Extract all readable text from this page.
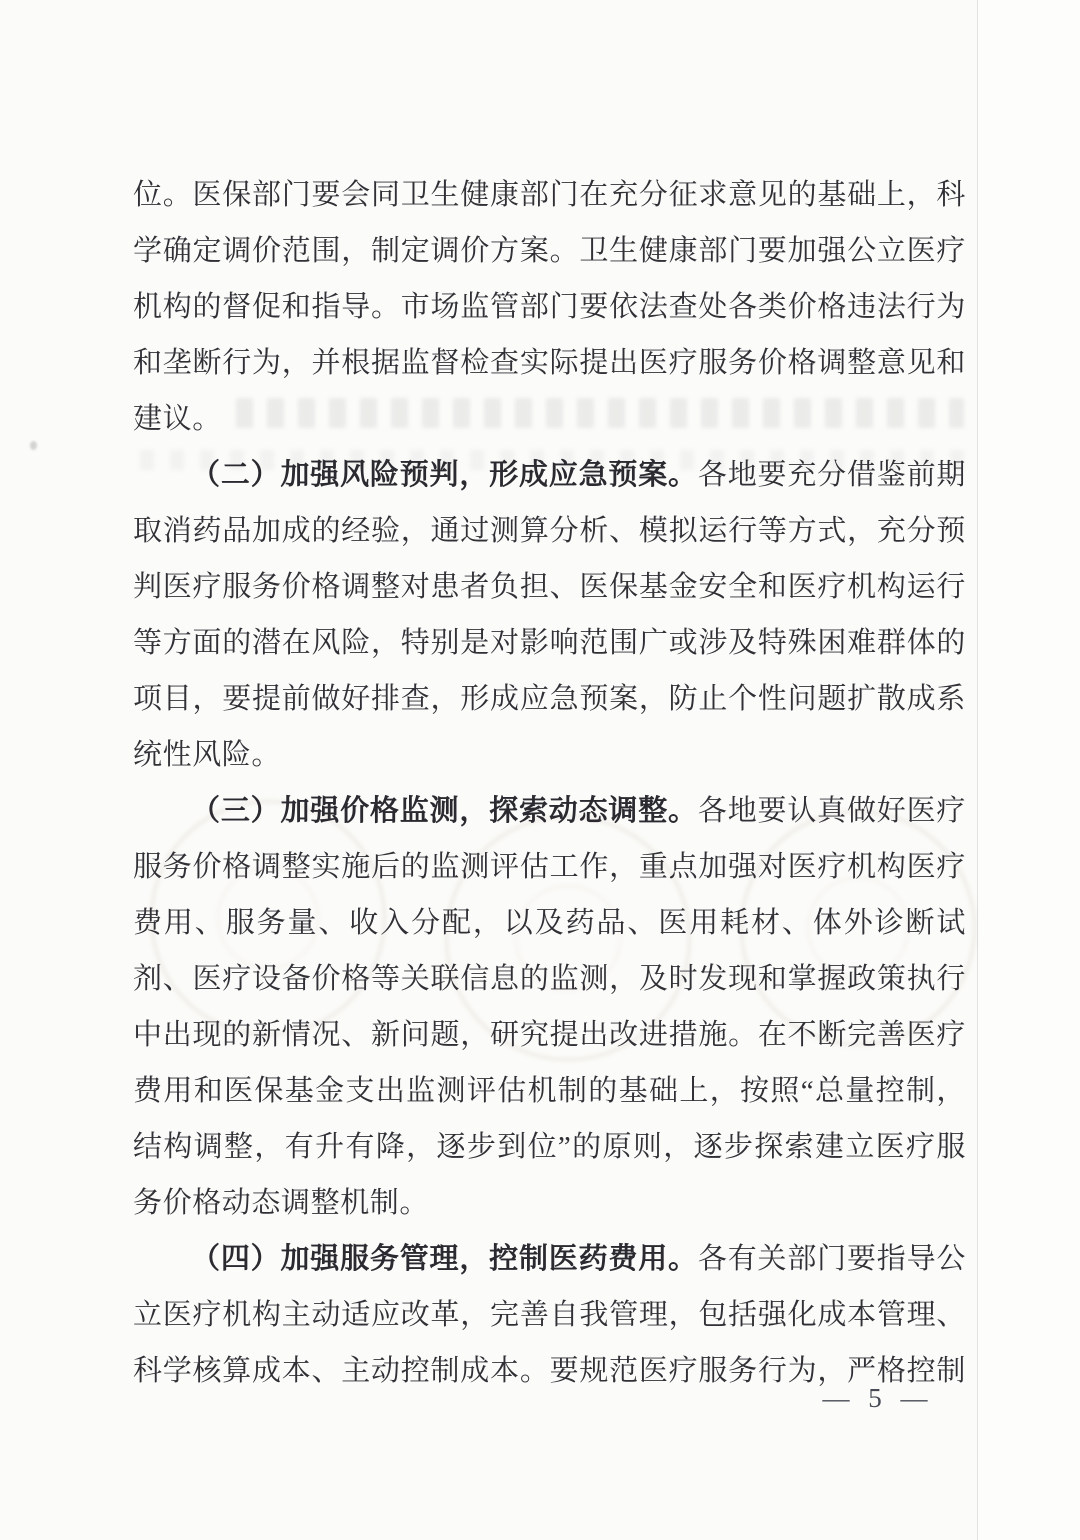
位。医保部门要会同卫生健康部门在充分征求意见的基础上，科
学确定调价范围，制定调价方案。卫生健康部门要加强公立医疗
机构的督促和指导。市场监管部门要依法查处各类价格违法行为
和垄断行为，并根据监督检查实际提出医疗服务价格调整意见和
建议。
（二）加强风险预判，形成应急预案。各地要充分借鉴前期
取消药品加成的经验，通过测算分析、模拟运行等方式，充分预
判医疗服务价格调整对患者负担、医保基金安全和医疗机构运行
等方面的潜在风险，特别是对影响范围广或涉及特殊困难群体的
项目，要提前做好排查，形成应急预案，防止个性问题扩散成系
统性风险。
（三）加强价格监测，探索动态调整。各地要认真做好医疗
服务价格调整实施后的监测评估工作，重点加强对医疗机构医疗
费用、服务量、收入分配，以及药品、医用耗材、体外诊断试
剂、医疗设备价格等关联信息的监测，及时发现和掌握政策执行
中出现的新情况、新问题，研究提出改进措施。在不断完善医疗
费用和医保基金支出监测评估机制的基础上，按照“总量控制，
结构调整，有升有降，逐步到位”的原则，逐步探索建立医疗服
务价格动态调整机制。
（四）加强服务管理，控制医药费用。各有关部门要指导公
立医疗机构主动适应改革，完善自我管理，包括强化成本管理、
科学核算成本、主动控制成本。要规范医疗服务行为，严格控制
— 5 —
